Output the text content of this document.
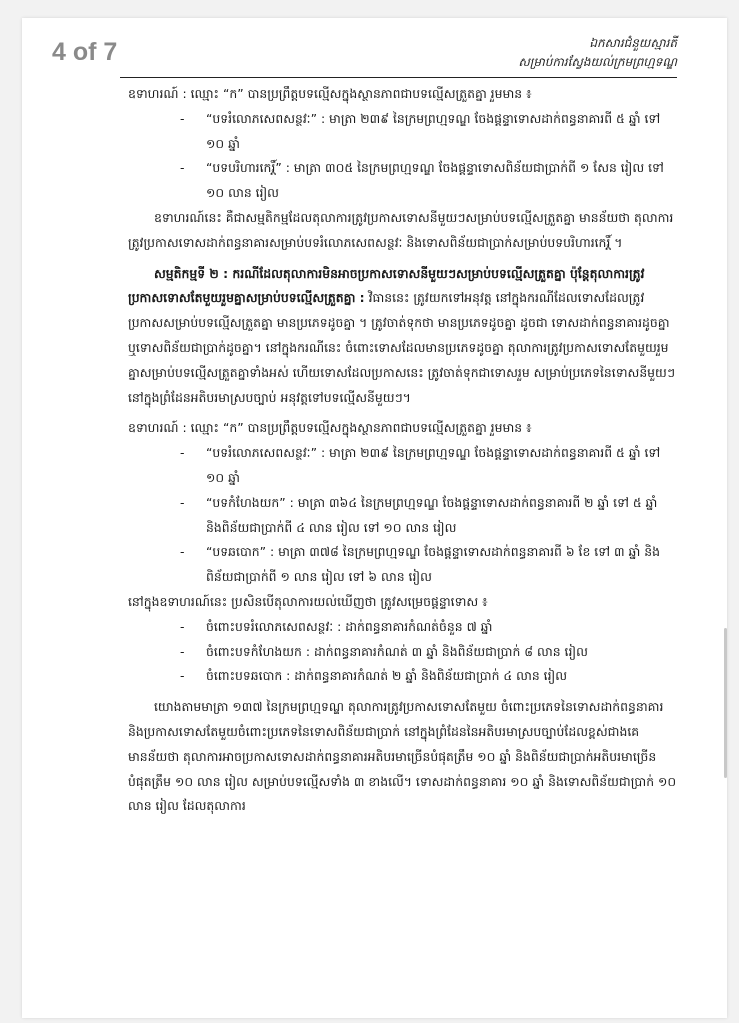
4 of 7	ឯកសារជំនួយស្មារតី
សម្រាប់ការស្វែងយល់ក្រមព្រហ្មទណ្ឌ

ឧទាហរណ៍ : ឈ្មោះ “ក” បានប្រព្រឹត្តបទល្មើសក្នុងស្ថានភាពជាបទល្មើសត្រួតគ្នា រួមមាន ៖

-	“បទរំលោភសេពសន្ថវៈ” : មាត្រា ២៣៩ នៃក្រមព្រហ្មទណ្ឌ ចែងផ្ដន្ទាទោសដាក់ពន្ធនាគារពី ៥ ឆ្នាំ ទៅ ១០ ឆ្នាំ
-	“បទបរិហារកេរ្តិ៍” : មាត្រា ៣០៥ នៃក្រមព្រហ្មទណ្ឌ ចែងផ្ដន្ទាទោសពិន័យជាប្រាក់ពី ១ សែន រៀល ទៅ ១០ លាន រៀល

ឧទាហរណ៍នេះ គឺជាសម្មតិកម្មដែលតុលាការត្រូវប្រកាសទោសនីមួយៗសម្រាប់បទល្មើសត្រួតគ្នា មានន័យថា តុលាការត្រូវប្រកាសទោសដាក់ពន្ធនាគារសម្រាប់បទរំលោភសេពសន្ថវៈ និងទោសពិន័យជាប្រាក់សម្រាប់បទបរិហារកេរ្តិ៍ ។

សម្មតិកម្មទី ២ : ករណីដែលតុលាការមិនអាចប្រកាសទោសនីមួយៗសម្រាប់បទល្មើសត្រួតគ្នា ប៉ុន្តែតុលាការត្រូវប្រកាសទោសតែមួយរួមគ្នាសម្រាប់បទល្មើសត្រួតគ្នា : វិធាននេះ ត្រូវយកទៅអនុវត្ត នៅក្នុងករណីដែលទោសដែលត្រូវប្រកាសសម្រាប់បទល្មើសត្រួតគ្នា មានប្រភេទដូចគ្នា ។ ត្រូវចាត់ទុកថា មានប្រភេទដូចគ្នា ដូចជា ទោសដាក់ពន្ធនាគារដូចគ្នា ឬទោសពិន័យជាប្រាក់ដូចគ្នា។ នៅក្នុងករណីនេះ ចំពោះទោសដែលមានប្រភេទដូចគ្នា តុលាការត្រូវប្រកាសទោសតែមួយរួមគ្នាសម្រាប់បទល្មើសត្រួតគ្នាទាំងអស់ ហើយទោសដែលប្រកាសនេះ ត្រូវចាត់ទុកជាទោសរួម សម្រាប់ប្រភេទនៃទោសនីមួយៗ នៅក្នុងព្រំដែនអតិបរមាស្របច្បាប់ អនុវត្តទៅបទល្មើសនីមួយៗ។

ឧទាហរណ៍ : ឈ្មោះ “ក” បានប្រព្រឹត្តបទល្មើសក្នុងស្ថានភាពជាបទល្មើសត្រួតគ្នា រួមមាន ៖

-	“បទរំលោភសេពសន្ថវៈ” : មាត្រា ២៣៩ នៃក្រមព្រហ្មទណ្ឌ ចែងផ្ដន្ទាទោសដាក់ពន្ធនាគារពី ៥ ឆ្នាំ ទៅ ១០ ឆ្នាំ
-	“បទកំហែងយក” : មាត្រា ៣៦៤ នៃក្រមព្រហ្មទណ្ឌ ចែងផ្ដន្ទាទោសដាក់ពន្ធនាគារពី ២ ឆ្នាំ ទៅ ៥ ឆ្នាំ និងពិន័យជាប្រាក់ពី ៤ លាន រៀល ទៅ ១០ លាន រៀល
-	“បទឆបោក” : មាត្រា ៣៧៨ នៃក្រមព្រហ្មទណ្ឌ ចែងផ្ដន្ទាទោសដាក់ពន្ធនាគារពី ៦ ខែ ទៅ ៣ ឆ្នាំ និងពិន័យជាប្រាក់ពី ១ លាន រៀល ទៅ ៦ លាន រៀល

នៅក្នុងឧទាហរណ៍នេះ ប្រសិនបើតុលាការយល់ឃើញថា ត្រូវសម្រេចផ្ដន្ទាទោស ៖

-	ចំពោះបទរំលោភសេពសន្ថវៈ : ដាក់ពន្ធនាគារកំណត់ចំនួន ៧ ឆ្នាំ
-	ចំពោះបទកំហែងយក : ដាក់ពន្ធនាគារកំណត់ ៣ ឆ្នាំ និងពិន័យជាប្រាក់ ៨ លាន រៀល
-	ចំពោះបទឆបោក : ដាក់ពន្ធនាគារកំណត់ ២ ឆ្នាំ និងពិន័យជាប្រាក់ ៤ លាន រៀល

យោងតាមមាត្រា ១៣៧ នៃក្រមព្រហ្មទណ្ឌ តុលាការត្រូវប្រកាសទោសតែមួយ ចំពោះប្រភេទនៃទោសដាក់ពន្ធនាគារ និងប្រកាសទោសតែមួយចំពោះប្រភេទនៃទោសពិន័យជាប្រាក់ នៅក្នុងព្រំដែននៃអតិបរមាស្របច្បាប់ដែលខ្ពស់ជាងគេ មានន័យថា តុលាការអាចប្រកាសទោសដាក់ពន្ធនាគារអតិបរមាច្រើនបំផុតត្រឹម ១០ ឆ្នាំ និងពិន័យជាប្រាក់អតិបរមាច្រើនបំផុតត្រឹម ១០ លាន រៀល សម្រាប់បទល្មើសទាំង ៣ ខាងលើ។ ទោសដាក់ពន្ធនាគារ ១០ ឆ្នាំ និងទោសពិន័យជាប្រាក់ ១០ លាន រៀល ដែលតុលាការ
